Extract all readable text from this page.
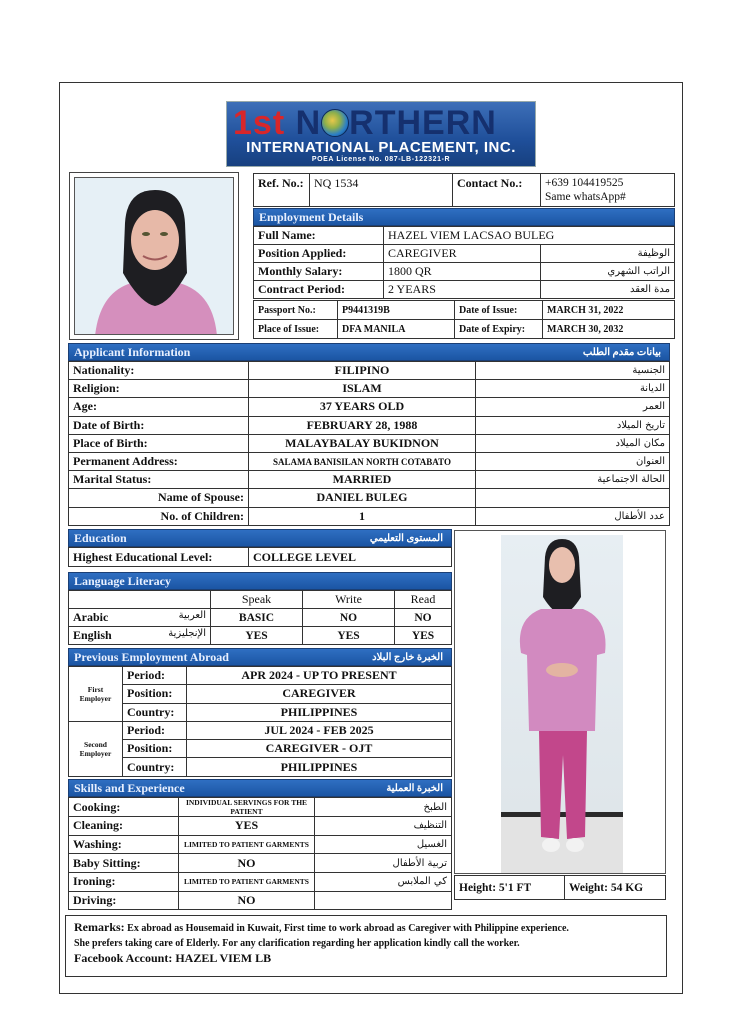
1st N RTHERN
INTERNATIONAL PLACEMENT, INC.
POEA License No. 087-LB-122321-R
Ref. No.:	NQ 1534	Contact No.:	+639 104419525
Same whatsApp#
Employment Details
Full Name:	HAZEL VIEM LACSAO BULEG	
Position Applied:	CAREGIVER	الوظيفة
Monthly Salary:	1800 QR	الراتب الشهري
Contract Period:	2 YEARS	مدة العقد
Passport No.:	P9441319B	Date of Issue:	MARCH 31, 2022
Place of Issue:	DFA MANILA	Date of Expiry:	MARCH 30, 2032
Applicant Information	بيانات مقدم الطلب
Nationality:	FILIPINO	الجنسية
Religion:	ISLAM	الديانة
Age:	37 YEARS OLD	العمر
Date of Birth:	FEBRUARY 28, 1988	تاريخ الميلاد
Place of Birth:	MALAYBALAY BUKIDNON	مكان الميلاد
Permanent Address:	SALAMA BANISILAN NORTH COTABATO	العنوان
Marital Status:	MARRIED	الحالة الاجتماعية
Name of Spouse:	DANIEL BULEG	
No. of Children:	1	عدد الأطفال
Education	المستوى التعليمي
Highest Educational Level:	COLLEGE LEVEL
Language Literacy
	Speak	Write	Read
Arabic العربية	BASIC	NO	NO
English الإنجليزية	YES	YES	YES
Previous Employment Abroad	الخبرة خارج البلاد
First Employer	Period:	APR 2024 - UP TO PRESENT
	Position:	CAREGIVER
	Country:	PHILIPPINES
Second Employer	Period:	JUL 2024 - FEB 2025
	Position:	CAREGIVER - OJT
	Country:	PHILIPPINES
Skills and Experience	الخبرة العملية
Cooking:	INDIVIDUAL SERVINGS FOR THE PATIENT	الطبخ
Cleaning:	YES	التنظيف
Washing:	LIMITED TO PATIENT GARMENTS	الغسيل
Baby Sitting:	NO	تربية الأطفال
Ironing:	LIMITED TO PATIENT GARMENTS	كي الملابس
Driving:	NO	
Height: 5'1 FT	Weight: 54 KG
Remarks: Ex abroad as Housemaid in Kuwait, First time to work abroad as Caregiver with Philippine experience.
She prefers taking care of Elderly. For any clarification regarding her application kindly call the worker.
Facebook Account: HAZEL VIEM LB
